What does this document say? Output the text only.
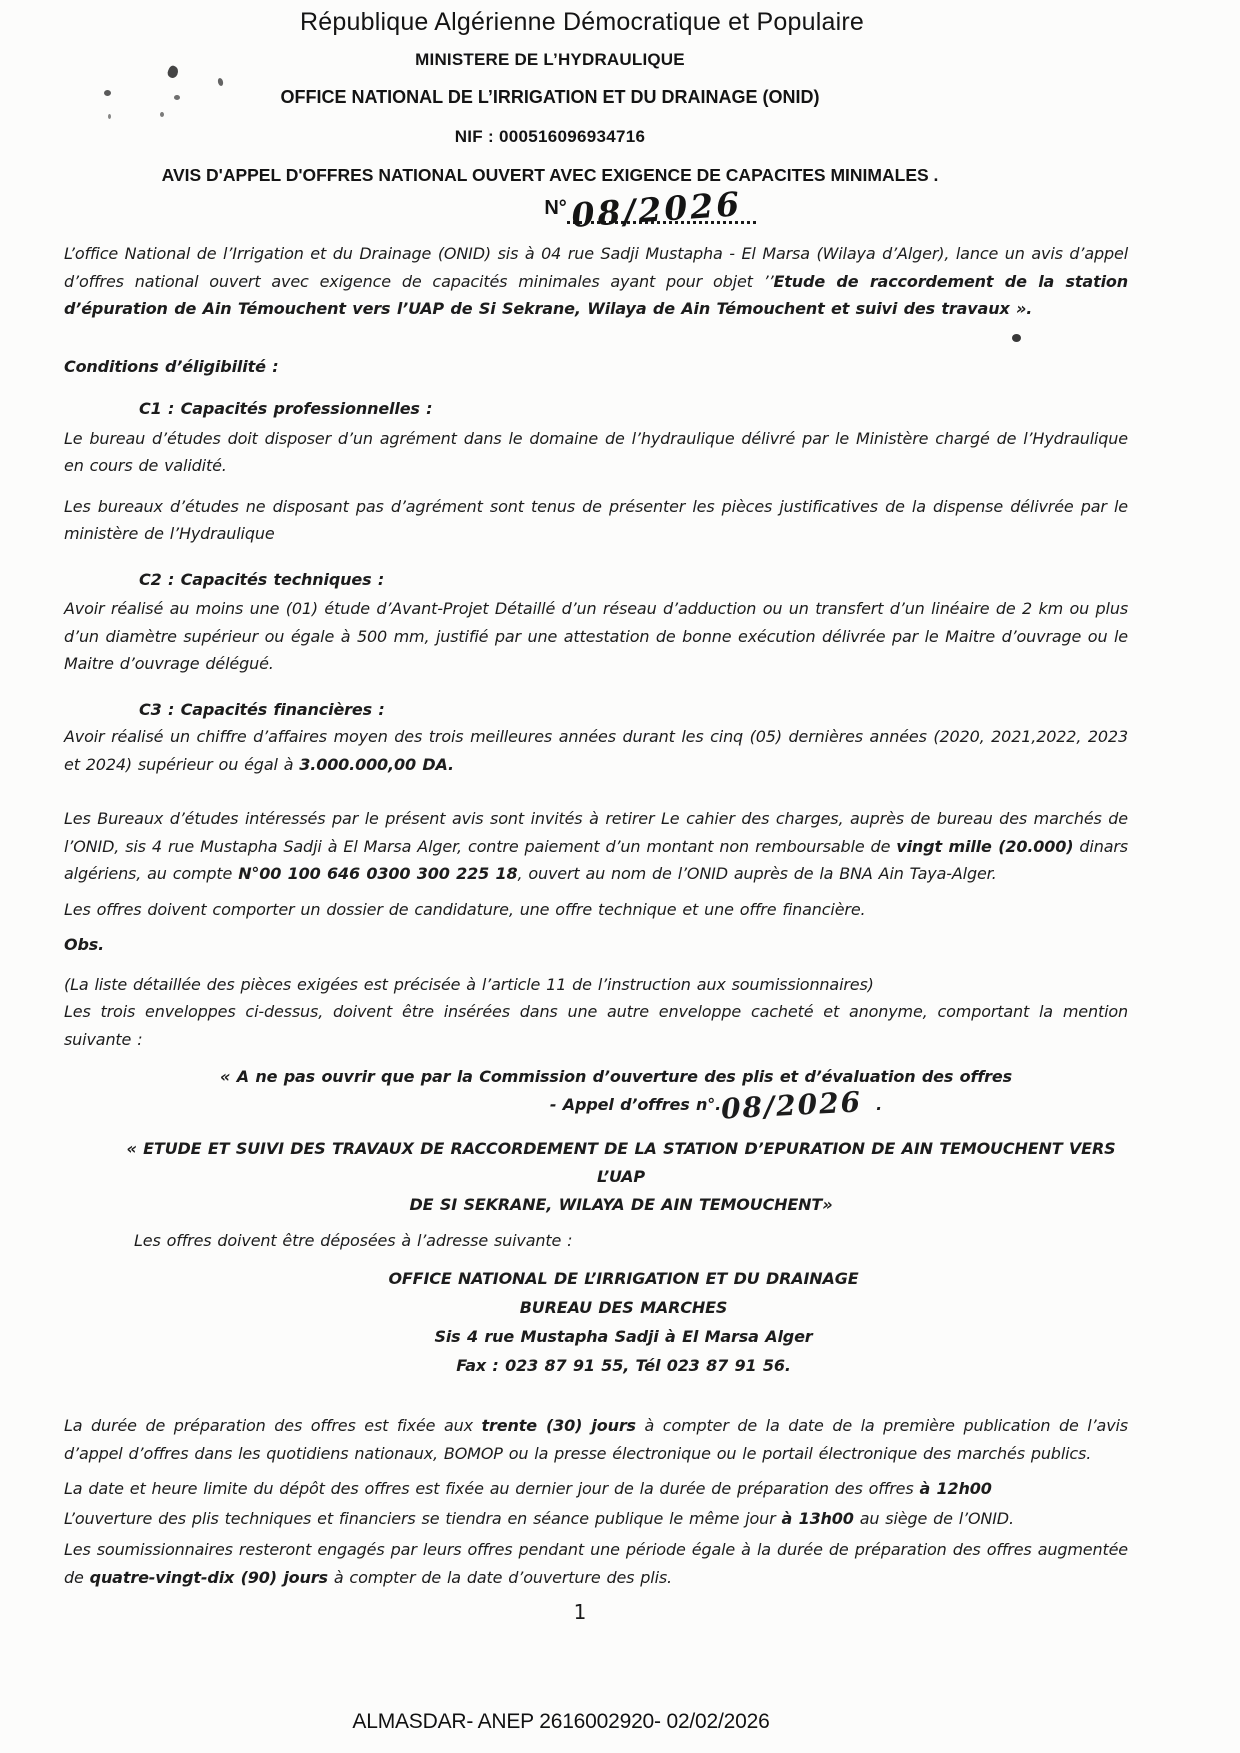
République Algérienne Démocratique et Populaire
MINISTERE DE L’HYDRAULIQUE
OFFICE NATIONAL DE L’IRRIGATION ET DU DRAINAGE (ONID)
NIF : 000516096934716
AVIS D'APPEL D'OFFRES NATIONAL OUVERT AVEC EXIGENCE DE CAPACITES MINIMALES .
N°08/2026

L’office National de l’Irrigation et du Drainage (ONID) sis à 04 rue Sadji Mustapha - El Marsa (Wilaya d’Alger), lance un avis d’appel d’offres national ouvert avec exigence de capacités minimales ayant pour objet ’’Etude de raccordement de la station d’épuration de Ain Témouchent vers l’UAP de Si Sekrane, Wilaya de Ain Témouchent et suivi des travaux ».

Conditions d’éligibilité :

C1 : Capacités professionnelles :

Le bureau d’études doit disposer d’un agrément dans le domaine de l’hydraulique délivré par le Ministère chargé de l’Hydraulique en cours de validité.

Les bureaux d’études ne disposant pas d’agrément sont tenus de présenter les pièces justificatives de la dispense délivrée par le ministère de l’Hydraulique

C2 : Capacités techniques :

Avoir réalisé au moins une (01) étude d’Avant-Projet Détaillé d’un réseau d’adduction ou un transfert d’un linéaire de 2 km ou plus d’un diamètre supérieur ou égale à 500 mm, justifié par une attestation de bonne exécution délivrée par le Maitre d’ouvrage ou le Maitre d’ouvrage délégué.

C3 : Capacités financières :

Avoir réalisé un chiffre d’affaires moyen des trois meilleures années durant les cinq (05) dernières années (2020, 2021,2022, 2023 et 2024) supérieur ou égal à 3.000.000,00 DA.

Les Bureaux d’études intéressés par le présent avis sont invités à retirer Le cahier des charges, auprès de bureau des marchés de l’ONID, sis 4 rue Mustapha Sadji à El Marsa Alger, contre paiement d’un montant non remboursable de vingt mille (20.000) dinars algériens, au compte N°00 100 646 0300 300 225 18, ouvert au nom de l’ONID auprès de la BNA Ain Taya-Alger.

Les offres doivent comporter un dossier de candidature, une offre technique et une offre financière.

Obs.

(La liste détaillée des pièces exigées est précisée à l’article 11 de l’instruction aux soumissionnaires)

Les trois enveloppes ci-dessus, doivent être insérées dans une autre enveloppe cacheté et anonyme, comportant la mention suivante :

« A ne pas ouvrir que par la Commission d’ouverture des plis et d’évaluation des offres

- Appel d’offres n°.08/2026 .

« ETUDE ET SUIVI DES TRAVAUX DE RACCORDEMENT DE LA STATION D’EPURATION DE AIN TEMOUCHENT VERS L’UAP

DE SI SEKRANE, WILAYA DE AIN TEMOUCHENT»

Les offres doivent être déposées à l’adresse suivante :

OFFICE NATIONAL DE L’IRRIGATION ET DU DRAINAGE
BUREAU DES MARCHES
Sis 4 rue Mustapha Sadji à El Marsa Alger
Fax : 023 87 91 55, Tél 023 87 91 56.

La durée de préparation des offres est fixée aux trente (30) jours à compter de la date de la première publication de l’avis d’appel d’offres dans les quotidiens nationaux, BOMOP ou la presse électronique ou le portail électronique des marchés publics.

La date et heure limite du dépôt des offres est fixée au dernier jour de la durée de préparation des offres à 12h00

L’ouverture des plis techniques et financiers se tiendra en séance publique le même jour à 13h00 au siège de l’ONID.

Les soumissionnaires resteront engagés par leurs offres pendant une période égale à la durée de préparation des offres augmentée de quatre-vingt-dix (90) jours à compter de la date d’ouverture des plis.

1
ALMASDAR- ANEP 2616002920- 02/02/2026
